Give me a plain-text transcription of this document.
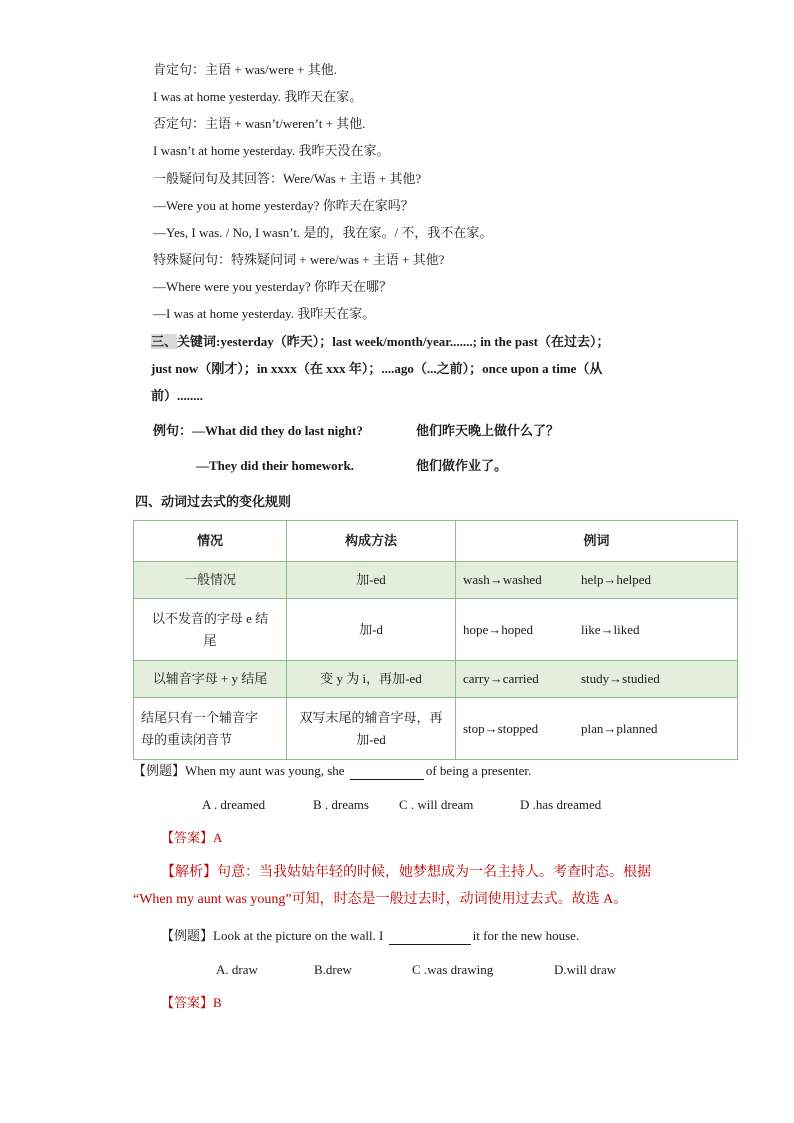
肯定句：主语 + was/were + 其他.
I was at home yesterday. 我昨天在家。
否定句：主语 + wasn’t/weren’t + 其他.
I wasn’t at home yesterday. 我昨天没在家。
一般疑问句及其回答：Were/Was + 主语 + 其他?
—Were you at home yesterday? 你昨天在家吗？
—Yes, I was. / No, I wasn’t. 是的，我在家。/ 不，我不在家。
特殊疑问句：特殊疑问词 + were/was + 主语 + 其他?
—Where were you yesterday? 你昨天在哪？
—I was at home yesterday. 我昨天在家。
三、关键词:yesterday（昨天）；last week/month/year.......; in the past（在过去）；
just now（刚才）；in xxxx（在 xxx 年）；....ago（...之前）；once upon a time（从
前）........
例句：—What did they do last night?	他们昨天晚上做什么了？
—They did their homework.	他们做作业了。
四、动词过去式的变化规则
情况	构成方法	例词
一般情况	加-ed	wash→washed help→helped
以不发音的字母 e 结
尾	加-d	hope→hoped like→liked
以辅音字母 + y 结尾	变 y 为 i，再加-ed	carry→carried study→studied
结尾只有一个辅音字
母的重读闭音节	双写末尾的辅音字母，再
加-ed	stop→stopped plan→planned
【例题】When my aunt was young, she	of being a presenter.
A . dreamed	B . dreams C . will dream	D .has dreamed
【答案】A
【解析】句意：当我姑姑年轻的时候，她梦想成为一名主持人。考查时态。根据
“When my aunt was young”可知，时态是一般过去时，动词使用过去式。故选 A。
【例题】Look at the picture on the wall. I	it for the new house.
A. draw	B.drew	C .was drawing	D.will draw
【答案】B
